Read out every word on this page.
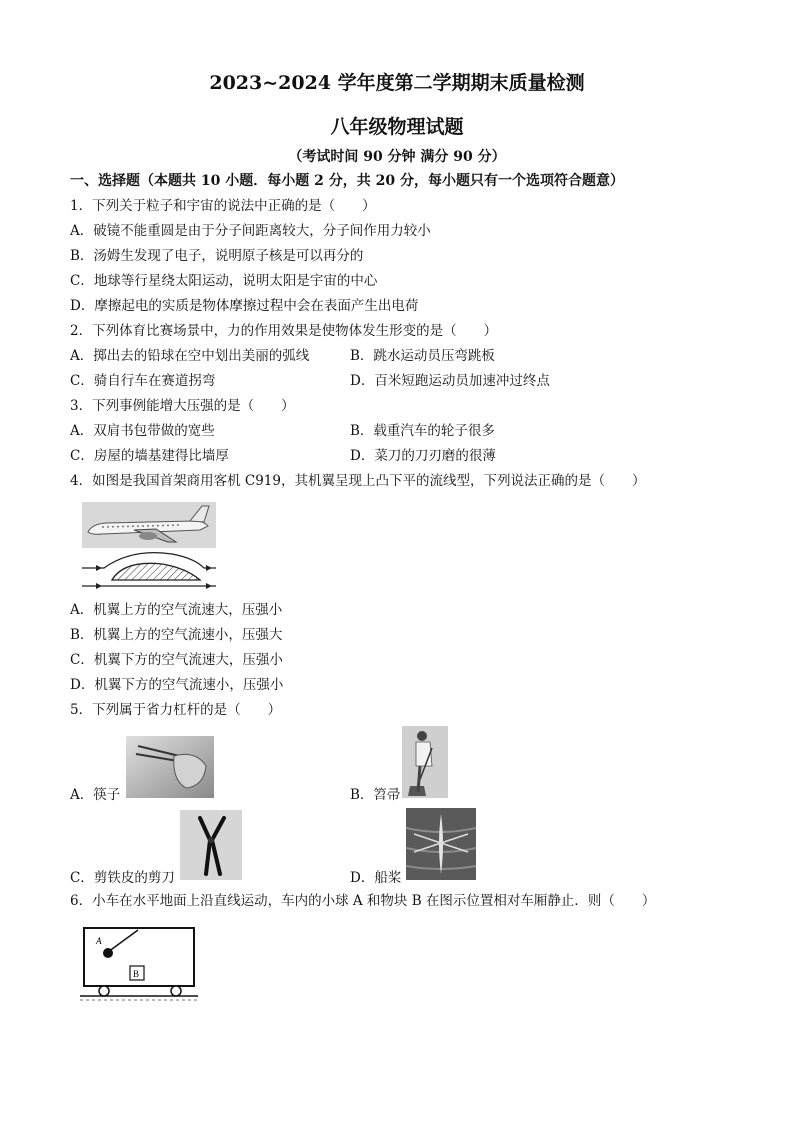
2023~2024 学年度第二学期期末质量检测
八年级物理试题
（考试时间 90 分钟 满分 90 分）
一、选择题（本题共 10 小题．每小题 2 分，共 20 分，每小题只有一个选项符合题意）
1．下列关于粒子和宇宙的说法中正确的是（　　）
A．破镜不能重圆是由于分子间距离较大，分子间作用力较小
B．汤姆生发现了电子，说明原子核是可以再分的
C．地球等行星绕太阳运动，说明太阳是宇宙的中心
D．摩擦起电的实质是物体摩擦过程中会在表面产生出电荷
2．下列体育比赛场景中，力的作用效果是使物体发生形变的是（　　）
A．掷出去的铅球在空中划出美丽的弧线	B．跳水运动员压弯跳板
C．骑自行车在赛道拐弯	D．百米短跑运动员加速冲过终点
3．下列事例能增大压强的是（　　）
A．双肩书包带做的宽些	B．载重汽车的轮子很多
C．房屋的墙基建得比墙厚	D．菜刀的刀刃磨的很薄
4．如图是我国首架商用客机 C919，其机翼呈现上凸下平的流线型，下列说法正确的是（　　）
A．机翼上方的空气流速大，压强小
B．机翼上方的空气流速小，压强大
C．机翼下方的空气流速大，压强小
D．机翼下方的空气流速小，压强小
5．下列属于省力杠杆的是（　　）
A．筷子	B．笤帚
C．剪铁皮的剪刀	D．船桨
6．小车在水平地面上沿直线运动，车内的小球 A 和物块 B 在图示位置相对车厢静止．则（　　）
A
B
